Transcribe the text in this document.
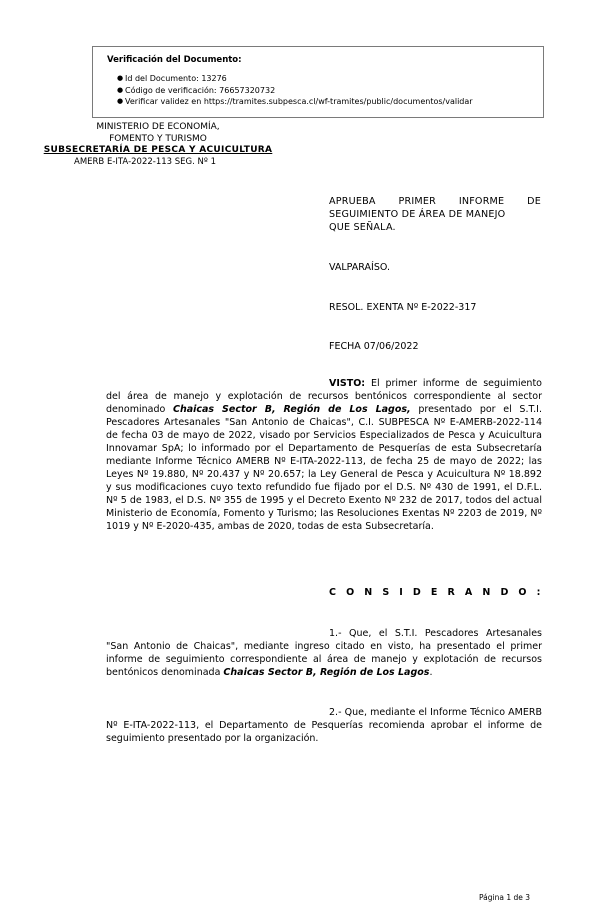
Verificación del Documento:
● Id del Documento: 13276
● Código de verificación: 76657320732
● Verificar validez en https://tramites.subpesca.cl/wf-tramites/public/documentos/validar
MINISTERIO DE ECONOMÍA,
FOMENTO Y TURISMO
SUBSECRETARÍA DE PESCA Y ACUICULTURA
AMERB E-ITA-2022-113 SEG. Nº 1
APRUEBA PRIMER INFORME DE
SEGUIMIENTO DE ÁREA DE MANEJO
QUE SEÑALA.
VALPARAÍSO.
RESOL. EXENTA Nº E-2022-317
FECHA 07/06/2022
VISTO: El primer informe de seguimiento del área de manejo y explotación de recursos bentónicos correspondiente al sector denominado Chaicas Sector B, Región de Los Lagos, presentado por el S.T.I. Pescadores Artesanales "San Antonio de Chaicas", C.I. SUBPESCA Nº E-AMERB-2022-114 de fecha 03 de mayo de 2022, visado por Servicios Especializados de Pesca y Acuicultura Innovamar SpA; lo informado por el Departamento de Pesquerías de esta Subsecretaría mediante Informe Técnico AMERB Nº E-ITA-2022-113, de fecha 25 de mayo de 2022; las Leyes Nº 19.880, Nº 20.437 y Nº 20.657; la Ley General de Pesca y Acuicultura Nº 18.892 y sus modificaciones cuyo texto refundido fue fijado por el D.S. Nº 430 de 1991, el D.F.L. Nº 5 de 1983, el D.S. Nº 355 de 1995 y el Decreto Exento Nº 232 de 2017, todos del actual Ministerio de Economía, Fomento y Turismo; las Resoluciones Exentas Nº 2203 de 2019, Nº 1019 y Nº E-2020-435, ambas de 2020, todas de esta Subsecretaría.
C O N S I D E R A N D O :
1.- Que, el S.T.I. Pescadores Artesanales "San Antonio de Chaicas", mediante ingreso citado en visto, ha presentado el primer informe de seguimiento correspondiente al área de manejo y explotación de recursos bentónicos denominada Chaicas Sector B, Región de Los Lagos.
2.- Que, mediante el Informe Técnico AMERB Nº E-ITA-2022-113, el Departamento de Pesquerías recomienda aprobar el informe de seguimiento presentado por la organización.
Página 1 de 3
